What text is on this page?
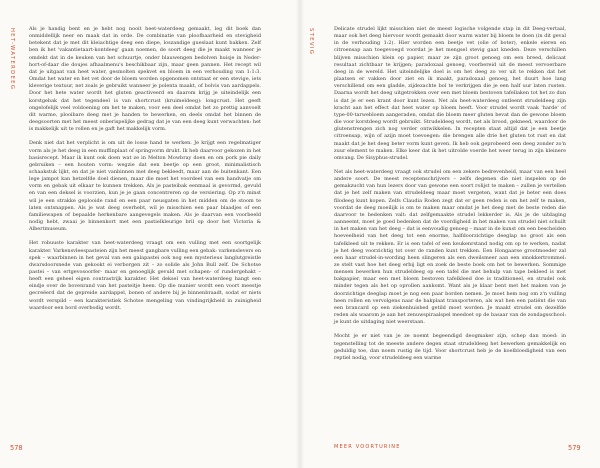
HET-WATERDEEG	Als je handig bent en je hebt nog nooit heet-waterdeeg gemaakt, leg dit boek dan onmiddellijk neer en maak dat in orde. De combinatie van ploofbaarheid en stevigheid betekent dat je met dit kleiachtige deeg een diepe, loszandige gueslaat kunt bakken. Zelf ben ik het 'vakantietaart-kontdeeg' gaan noemen, de soort deeg die je maakt wanneer je omdekt dat in de keuken van het schuurtje, onder blauwengen bedolven huisje in Neder-hort-of-daar die doujes afhaalmenu's beschikbaar zijn, maar geen pannen. Het recept wil dat je uitgaat van heet water, gesmolten spekvet en bloem in een verhouding van 1:1:3. Omdat het water en het vet door de bloem worden opgenomen ontstaat er een stevige, iets kleverige textuur, net zoals je gebruikt wanneer je polenta maakt, of bolvis van aardappels. Door het hete water wordt het gluten geactiveerd en daarom krijg je uiteindelijk een korstgebak dat het tegendeel is van shortcrust (kruimeldeeg): longcrust. Het geeft ongelofelijk veel voldoening om het te maken, voor een deel omdat het zo prettig aanvoelt dit warme, plooibare deeg met je handen te bewerken, en deels omdat het binnen de deegsoorten met het meest onberispelijke gedrag dat je van een deeg kunt verwachten: het is makkelijk uit te rollen en je gaft het makkelijk vorm.

Denk niet dat het verplicht is om uit de losse hand te werken. Je krijgt een regelmatiger vorm als je het deeg in een muffinplaat of springvorm drukt. Ik heb daarvoor gekozen in het basisrecept. Maar ik kunt ook doen wat ze in Melton Mowbray doen en om pork pie daily gebruiken – een houten vorm: wegzie dat een beetje op een groot, minimalistisch schaakstuk lijkt, en dat je niet vanbinnen met deeg bekleedt, maar aan de buitenkant. Een lege jampot kan hetzelfde doel dienen, maar die moet het voordeel van een handvatje om vorm en gebak uit elkaar te kunnen trekken. Als je pasteibak eenmaal is gevormd, gevuld en van een deksel is voorzien, kun je je gaan concentreren op de versiering. Op z'n minst wil je een strakke geplooide rand en een paar neusgaten in het midden om de stoom te laten ontsnappen. Als je wat deeg overhebt, wil je misschien een paar blaadjes of een familiewapen of bepaalde herkenbare aangevegels maken. Als je daarvan een voorbeeld nodig hebt, zwaai je binnenkort met een pastielkleurige bril op door het Victoria & Albertmuseum.

Het robuuste karakter van heet-waterdeeg vraagt om een vulling met een soortgelijk karakter. Varkensvleespasteien zijn het meest gangbare vulling een gebak: varkenslevers en spek – waarbinnen in het geval van een galapastei ook nog een mysterieus langlutgreistle dwarsdoorsnede van gekookt ei verborgen zit – zo solide als John Bull zelf. De Schotse pastei – van ertgevosoorfer- maar en genoeglijk gevuld met schapen- of rundergehakt – heeft een geheel eigen contrastrijk karakter. Het deksel van heet-waterdeeg hangt een eindje over de bovenrand van het pasteitje heen. Op die manier wordt een voort meestje gecreëerd dat de gepreide aardappel, bonen of andere bij je binnenbraadt, sodat er niets wordt verspild – een karakteristiek Schotse mengeling van vindingrijkheid in zuinigheid waardoor een bord overbodig wordt.

578
STEVIG	Delicate strudel lijkt misschien niet de meest logische volgende stap in dit Deeg-vertaal, maar ook het deeg hiervoor wordt gemaakt door warm water bij bloem te doen (in dit geval in de verhouding 1:2). Hier worden een beetje vet (olie of boter), enkele eieren en citroensap aan toegevoegd voordat je het mengsel stevig gaat kneden. Deze verschillen blijven misschien klein op papier, maar ze zijn groot genoeg om een breed, delicaat resultaat zichtbaar te krijgen; paradoxaal genoeg, voorbereid uit de meest vervoerbare deeg in de wereld. Het uiteindelijke doel is om het deeg zo ver uit te rekken dat het plaatsen er vakken door ziet en ik maakt, paradoxaal genoeg, het duurt hoe lang verschillend om een gladde, zijdezachte bol te verkrijgen die je een half uur laten rusten. Daarna wordt het deeg uitgetrokken over een met bloem bestoven tafellaken tot het zo dun is dat je er een krant door kunt lezen. Net als heet-waterdeeg ontleent strudeldeeg zijn kracht aan het effect dat heet water op bloem heeft. Voor strudel wordt vaak 'harde' of type-00-tarwebloem aangeraden, omdat die bloem meer gluten bevat dan de gewone bloem die voor korstdeeg wordt gebruikt. Strudeldeeg wordt, net als brood, gekneed, waardoor de glutenstrengen zich nog verder ontwikkelen. In recepten staat altijd dat je een beetje citroensap, wijn of azijn moet toevoegen: die brengen alle drie het gluten tot rust en dat maakt dat je het deeg beter vorm kunt geven. Ik heb ook geprobeerd een deeg zonder zo'n zuur element te maken. Elke keer dat ik het uitrolde voerde het weer terug in zijn kleinere omvang. De Sisyphus-strudel.

Net als heet-waterdeeg vraagt ook strudel om een zekere bedrevenheid, maar van een heel andere soort. De meest receptenschrijvers – zelfs degenen die niet inspelen op de gemakzucht van hun lezers door van gewone een soort rolijst te maken – zullen je vertellen dat je het zelf maken van strudeldeeg maar moet vergeten, want dat je beter een does filodeeg kunt kopen. Zelfs Claudia Roden zegt dat er geen reden is om het zelf te maken, voordat de deeg moeilijk is om te maken maar omdat je het deeg met de beste reden die daarvoor te bedenken valt: dat zelfgemaakte strudel lekkerder is. Als je de uitdaging aanneemt, moet je goed bedenken dat de voordigheid in het maken van strudel niet schuilt in het maken van het deeg – dat is eenvoudig genoeg – maar in de kunst om een bescheiden hoeveelheid van het deeg tot een enorme, halfdoorzichtige deeglap no groot als een tafelkleed uit te rekken. Er is een tafel of een keukenrstand nodig om op te werken, nadat je het deeg voorzichtig tot over de randen kunt trekken. Een Hongaarse grootmoeder zal een haar strudel-in-wording heen slingeren als een dweilsmeer aan een smokkertrommel: ze stelt vast hoe het deeg erbij ligt en zoek de beste boek om het te bewerken. Sommige mensen bewerken hun strudeldeeg op een tafel die met behulp van tape bekleed is met bakpapier, maar een met bloem bestoven tafelkleed doe is traditioneel, en strudel ook minder tegen als het op oprollen aankomt. Want als je klaar bent met het maken van je doorzichtige deeglap moet je nog een paar borden nemen. Je moet hem nog om z'n vulling heen rollen en vervolgens naar de bakplaat transporteren, als wat hen een patiënt die van een brancard op een ziekenhuisbed getild moet worden. Je maakt strudel om dezelfde reden als waarom je aan het zenuwspiraalspel meedoet op de basaar van de zondagsschool: je kunt de uitdaging niet weerstaan.

Mocht je er niet van je ze noemt begeendigd deogmaker zijn, schep dan moed: in tegenstelling tot de meeste andere degen staat strudeldeeg het bewerken gemakkelijk en geduldig toe, dan noem rustig de tijd. Voor shortcrust heb je de koelbloedigheid van een reptiel nodig, voor strudeldeeg een warme

MEER VOORTURINE	579
